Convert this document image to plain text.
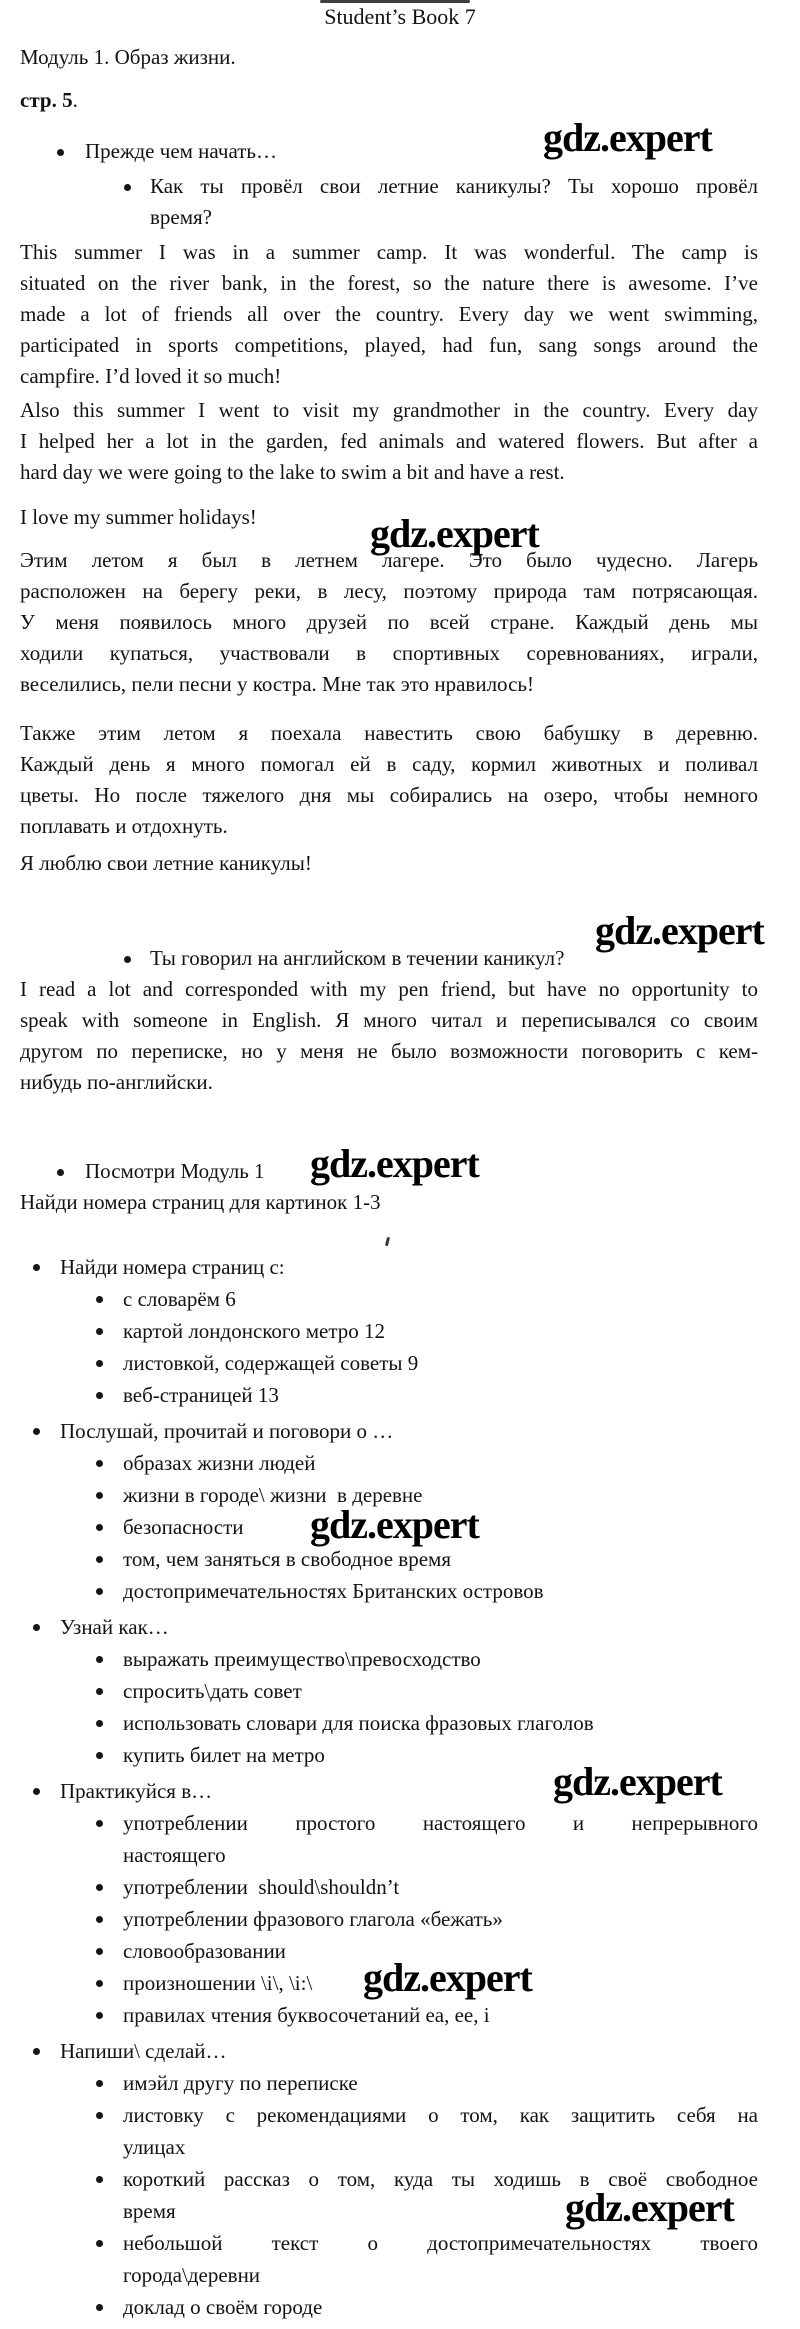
Student’s Book 7
Модуль 1. Образ жизни.
стр. 5.
gdz.expert
Прежде чем начать…
Как ты провёл свои летние каникулы? Ты хорошо провёл
время?
This summer I was in a summer camp. It was wonderful. The camp is
situated on the river bank, in the forest, so the nature there is awesome. I’ve
made a lot of friends all over the country. Every day we went swimming,
participated in sports competitions, played, had fun, sang songs around the
campfire. I’d loved it so much!
Also this summer I went to visit my grandmother in the country. Every day
I helped her a lot in the garden, fed animals and watered flowers. But after a
hard day we were going to the lake to swim a bit and have a rest.
I love my summer holidays!	gdz.expert
Этим летом я был в летнем лагере. Это было чудесно. Лагерь
расположен на берегу реки, в лесу, поэтому природа там потрясающая.
У меня появилось много друзей по всей стране. Каждый день мы
ходили купаться, участвовали в спортивных соревнованиях, играли,
веселились, пели песни у костра. Мне так это нравилось!
Также этим летом я поехала навестить свою бабушку в деревню.
Каждый день я много помогал ей в саду, кормил животных и поливал
цветы. Но после тяжелого дня мы собирались на озеро, чтобы немного
поплавать и отдохнуть.
Я люблю свои летние каникулы!
gdz.expert
Ты говорил на английском в течении каникул?
I read a lot and corresponded with my pen friend, but have no opportunity to
speak with someone in English. Я много читал и переписывался со своим
другом по переписке, но у меня не было возможности поговорить с кем-
нибудь по-английски.
gdz.expert
Посмотри Модуль 1
Найди номера страниц для картинок 1-3
Найди номера страниц с:
с словарём 6
картой лондонского метро 12
листовкой, содержащей советы 9
веб-страницей 13
Послушай, прочитай и поговори о …
образах жизни людей
жизни в городе\ жизни  в деревне
безопасности	gdz.expert
том, чем заняться в свободное время
достопримечательностях Британских островов
Узнай как…
выражать преимущество\превосходство
спросить\дать совет
использовать словари для поиска фразовых глаголов
купить билет на метро
gdz.expert
Практикуйся в…
употреблении простого настоящего и непрерывного
настоящего
употреблении  should\shouldn’t
употреблении фразового глагола «бежать»
словообразовании
произношении \i\, \i:\	gdz.expert
правилах чтения буквосочетаний ea, ee, i
Напиши\ сделай…
имэйл другу по переписке
листовку с рекомендациями о том, как защитить себя на
улицах
короткий рассказ о том, куда ты ходишь в своё свободное
время	gdz.expert
небольшой текст о достопримечательностях твоего
города\деревни
доклад о своём городе
